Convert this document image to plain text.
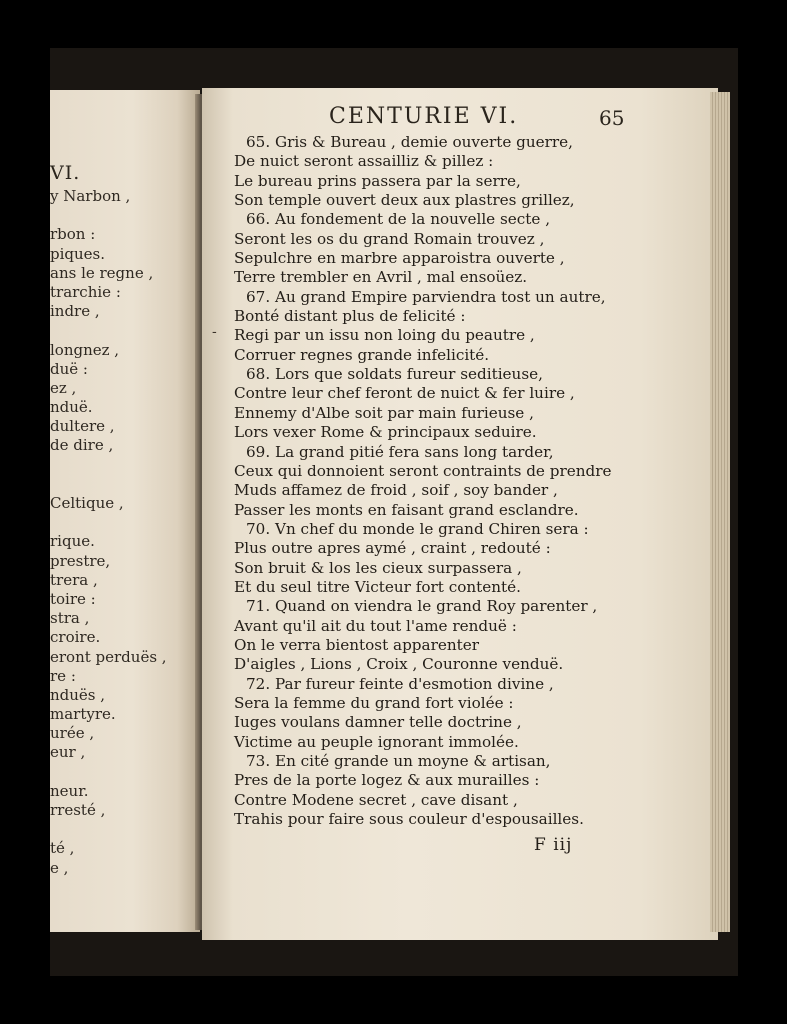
VI.
y Narbon ,
rbon :
piques.
ans le regne ,
trarchie :
indre ,
longnez ,
duë :
ez ,
nduë.
dultere ,
de dire ,
Celtique ,
rique.
prestre,
trera ,
toire :
stra ,
croire.
eront perduës ,
re :
nduës ,
martyre.
urée ,
eur ,
neur.
rresté ,
té ,
e ,
CENTURIE VI.	65
-
65. Gris & Bureau , demie ouverte guerre,
De nuict seront assailliz & pillez :
Le bureau prins passera par la serre,
Son temple ouvert deux aux plastres grillez,
66. Au fondement de la nouvelle secte ,
Seront les os du grand Romain trouvez ,
Sepulchre en marbre apparoistra ouverte ,
Terre trembler en Avril , mal ensoüez.
67. Au grand Empire parviendra tost un autre,
Bonté distant plus de felicité :
Regi par un issu non loing du peautre ,
Corruer regnes grande infelicité.
68. Lors que soldats fureur seditieuse,
Contre leur chef feront de nuict & fer luire ,
Ennemy d'Albe soit par main furieuse ,
Lors vexer Rome & principaux seduire.
69. La grand pitié fera sans long tarder,
Ceux qui donnoient seront contraints de prendre
Muds affamez de froid , soif , soy bander ,
Passer les monts en faisant grand esclandre.
70. Vn chef du monde le grand Chiren sera :
Plus outre apres aymé , craint , redouté :
Son bruit & los les cieux surpassera ,
Et du seul titre Victeur fort contenté.
71. Quand on viendra le grand Roy parenter ,
Avant qu'il ait du tout l'ame renduë :
On le verra bientost apparenter
D'aigles , Lions , Croix , Couronne venduë.
72. Par fureur feinte d'esmotion divine ,
Sera la femme du grand fort violée :
Iuges voulans damner telle doctrine ,
Victime au peuple ignorant immolée.
73. En cité grande un moyne & artisan,
Pres de la porte logez & aux murailles :
Contre Modene secret , cave disant ,
Trahis pour faire sous couleur d'espousailles.
F iij
